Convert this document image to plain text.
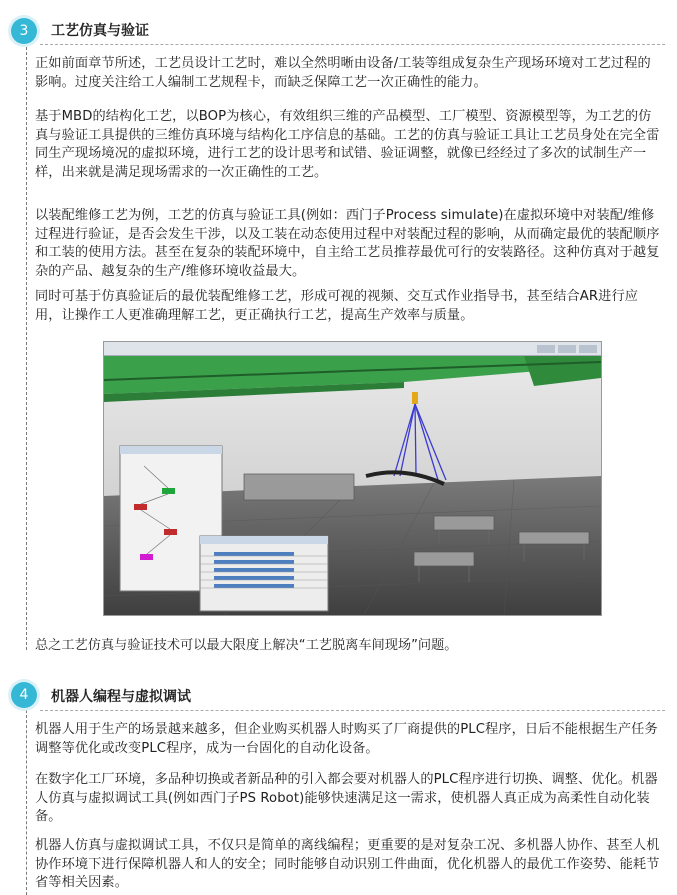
3	工艺仿真与验证
正如前面章节所述，工艺员设计工艺时，难以全然明晰由设备/工装等组成复杂生产现场环境对工艺过程的影响。过度关注给工人编制工艺规程卡，而缺乏保障工艺一次正确性的能力。
基于MBD的结构化工艺，以BOP为核心，有效组织三维的产品模型、工厂模型、资源模型等，为工艺的仿真与验证工具提供的三维仿真环境与结构化工序信息的基础。工艺的仿真与验证工具让工艺员身处在完全雷同生产现场境况的虚拟环境，进行工艺的设计思考和试错、验证调整，就像已经经过了多次的试制生产一样，出来就是满足现场需求的一次正确性的工艺。
以装配维修工艺为例，工艺的仿真与验证工具(例如：西门子Process simulate)在虚拟环境中对装配/维修过程进行验证，是否会发生干涉，以及工装在动态使用过程中对装配过程的影响，从而确定最优的装配顺序和工装的使用方法。甚至在复杂的装配环境中，自主给工艺员推荐最优可行的安装路径。这种仿真对于越复杂的产品、越复杂的生产/维修环境收益最大。
同时可基于仿真验证后的最优装配维修工艺，形成可视的视频、交互式作业指导书，甚至结合AR进行应用，让操作工人更准确理解工艺，更正确执行工艺，提高生产效率与质量。
总之工艺仿真与验证技术可以最大限度上解决“工艺脱离车间现场”问题。
4	机器人编程与虚拟调试
机器人用于生产的场景越来越多，但企业购买机器人时购买了厂商提供的PLC程序，日后不能根据生产任务调整等优化或改变PLC程序，成为一台固化的自动化设备。
在数字化工厂环境，多品种切换或者新品种的引入都会要对机器人的PLC程序进行切换、调整、优化。机器人仿真与虚拟调试工具(例如西门子PS Robot)能够快速满足这一需求，使机器人真正成为高柔性自动化装备。
机器人仿真与虚拟调试工具，不仅只是简单的离线编程；更重要的是对复杂工况、多机器人协作、甚至人机协作环境下进行保障机器人和人的安全；同时能够自动识别工件曲面，优化机器人的最优工作姿势、能耗节省等相关因素。
